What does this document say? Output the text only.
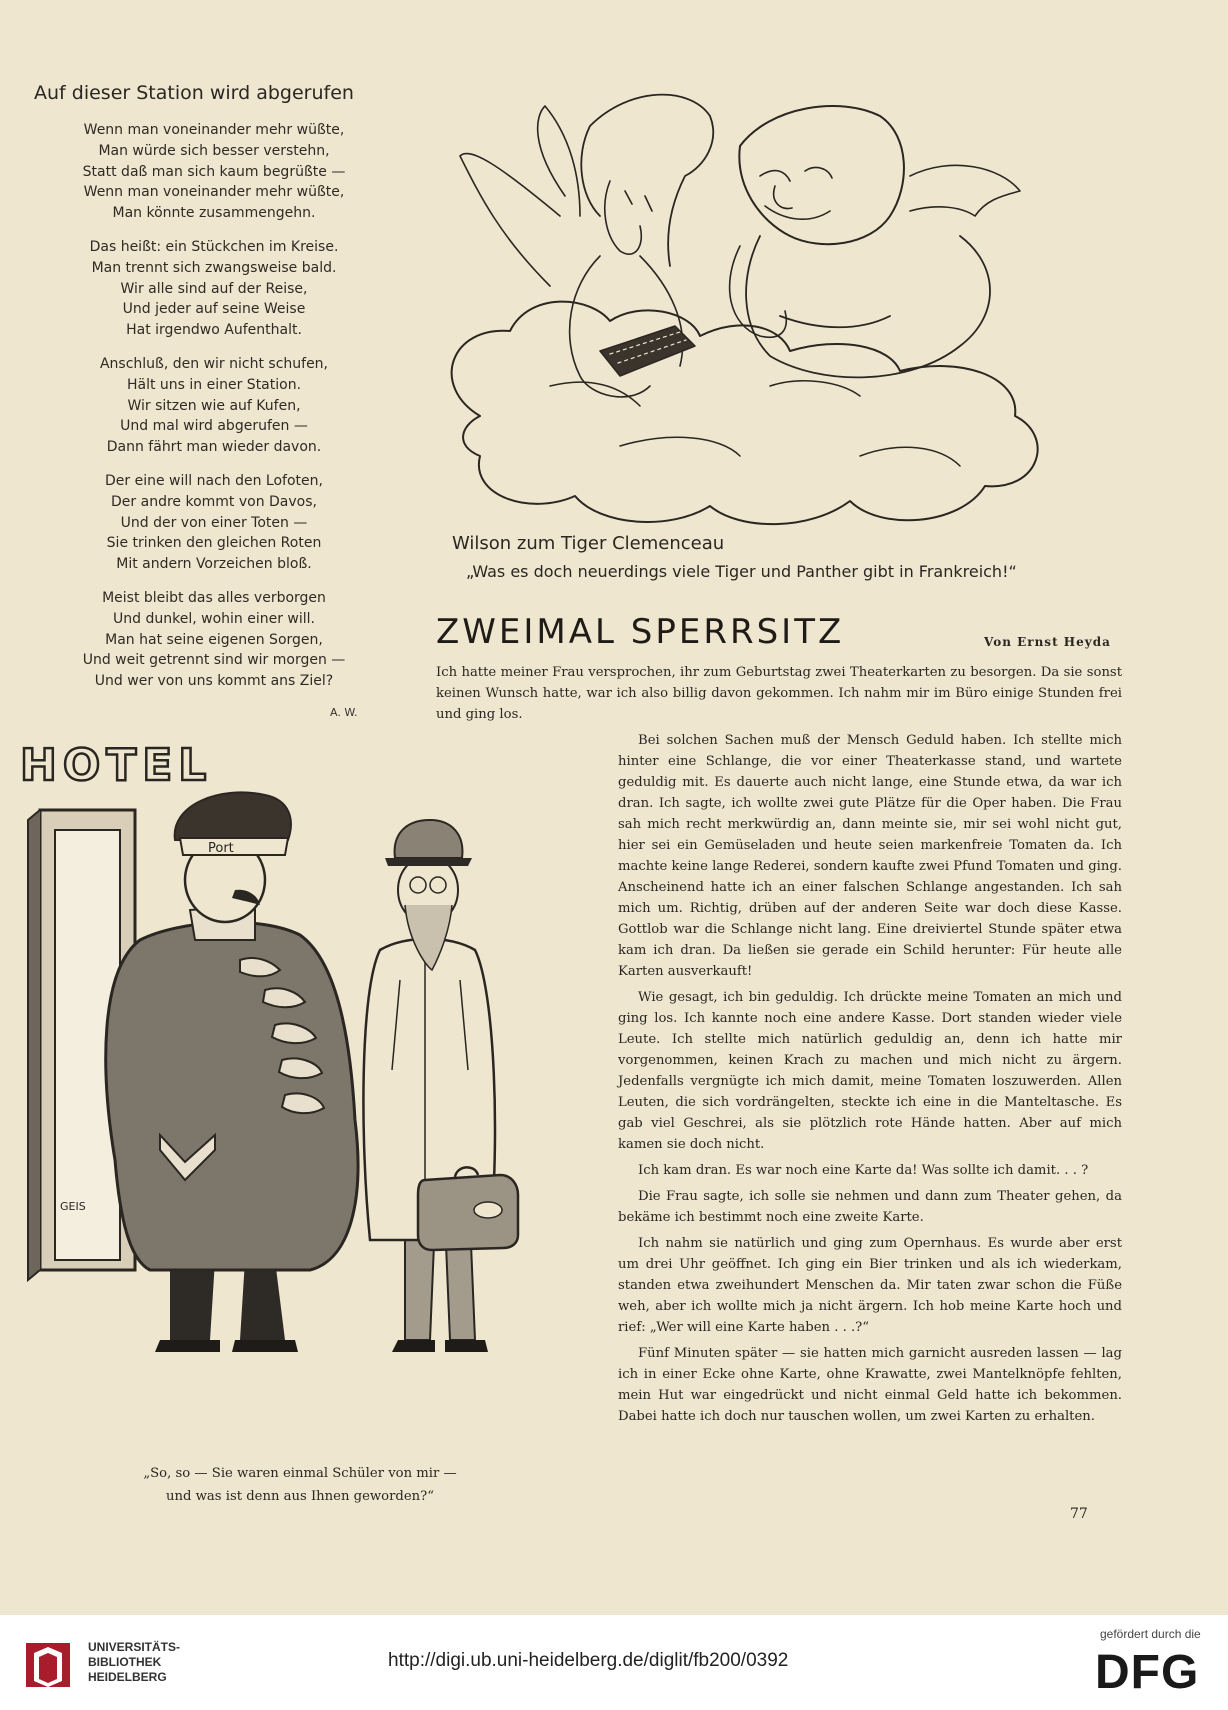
Auf dieser Station wird abgerufen
Wenn man voneinander mehr wüßte,
Man würde sich besser verstehn,
Statt daß man sich kaum begrüßte —
Wenn man voneinander mehr wüßte,
Man könnte zusammengehn.
Das heißt: ein Stückchen im Kreise.
Man trennt sich zwangsweise bald.
Wir alle sind auf der Reise,
Und jeder auf seine Weise
Hat irgendwo Aufenthalt.
Anschluß, den wir nicht schufen,
Hält uns in einer Station.
Wir sitzen wie auf Kufen,
Und mal wird abgerufen —
Dann fährt man wieder davon.
Der eine will nach den Lofoten,
Der andre kommt von Davos,
Und der von einer Toten —
Sie trinken den gleichen Roten
Mit andern Vorzeichen bloß.
Meist bleibt das alles verborgen
Und dunkel, wohin einer will.
Man hat seine eigenen Sorgen,
Und weit getrennt sind wir morgen —
Und wer von uns kommt ans Ziel?
A. W.
Wilson zum Tiger Clemenceau
„Was es doch neuerdings viele Tiger und Panther gibt in Frankreich!“
ZWEIMAL SPERRSITZ	Von Ernst Heyda

Ich hatte meiner Frau versprochen, ihr zum Geburtstag zwei Theaterkarten zu besorgen. Da sie sonst keinen Wunsch hatte, war ich also billig davon gekommen. Ich nahm mir im Büro einige Stunden frei und ging los.

Bei solchen Sachen muß der Mensch Geduld haben. Ich stellte mich hinter eine Schlange, die vor einer Theaterkasse stand, und wartete geduldig mit. Es dauerte auch nicht lange, eine Stunde etwa, da war ich dran. Ich sagte, ich wollte zwei gute Plätze für die Oper haben. Die Frau sah mich recht merkwürdig an, dann meinte sie, mir sei wohl nicht gut, hier sei ein Gemüseladen und heute seien markenfreie Tomaten da. Ich machte keine lange Rederei, sondern kaufte zwei Pfund Tomaten und ging. Anscheinend hatte ich an einer falschen Schlange angestanden. Ich sah mich um. Richtig, drüben auf der anderen Seite war doch diese Kasse. Gottlob war die Schlange nicht lang. Eine dreiviertel Stunde später etwa kam ich dran. Da ließen sie gerade ein Schild herunter: Für heute alle Karten ausverkauft!

Wie gesagt, ich bin geduldig. Ich drückte meine Tomaten an mich und ging los. Ich kannte noch eine andere Kasse. Dort standen wieder viele Leute. Ich stellte mich natürlich geduldig an, denn ich hatte mir vorgenommen, keinen Krach zu machen und mich nicht zu ärgern. Jedenfalls vergnügte ich mich damit, meine Tomaten loszuwerden. Allen Leuten, die sich vordrängelten, steckte ich eine in die Manteltasche. Es gab viel Geschrei, als sie plötzlich rote Hände hatten. Aber auf mich kamen sie doch nicht.

Ich kam dran. Es war noch eine Karte da! Was sollte ich damit. . . ?

Die Frau sagte, ich solle sie nehmen und dann zum Theater gehen, da bekäme ich bestimmt noch eine zweite Karte.

Ich nahm sie natürlich und ging zum Opernhaus. Es wurde aber erst um drei Uhr geöffnet. Ich ging ein Bier trinken und als ich wiederkam, standen etwa zweihundert Menschen da. Mir taten zwar schon die Füße weh, aber ich wollte mich ja nicht ärgern. Ich hob meine Karte hoch und rief: „Wer will eine Karte haben . . .?“

Fünf Minuten später — sie hatten mich garnicht ausreden lassen — lag ich in einer Ecke ohne Karte, ohne Krawatte, zwei Mantelknöpfe fehlten, mein Hut war eingedrückt und nicht einmal Geld hatte ich bekommen. Dabei hatte ich doch nur tauschen wollen, um zwei Karten zu erhalten.

HOTEL
Port
GEIS
„So, so — Sie waren einmal Schüler von mir —
und was ist denn aus Ihnen geworden?“
77
UNIVERSITÄTS-
BIBLIOTHEK
HEIDELBERG
http://digi.ub.uni-heidelberg.de/diglit/fb200/0392
gefördert durch die
DFG
